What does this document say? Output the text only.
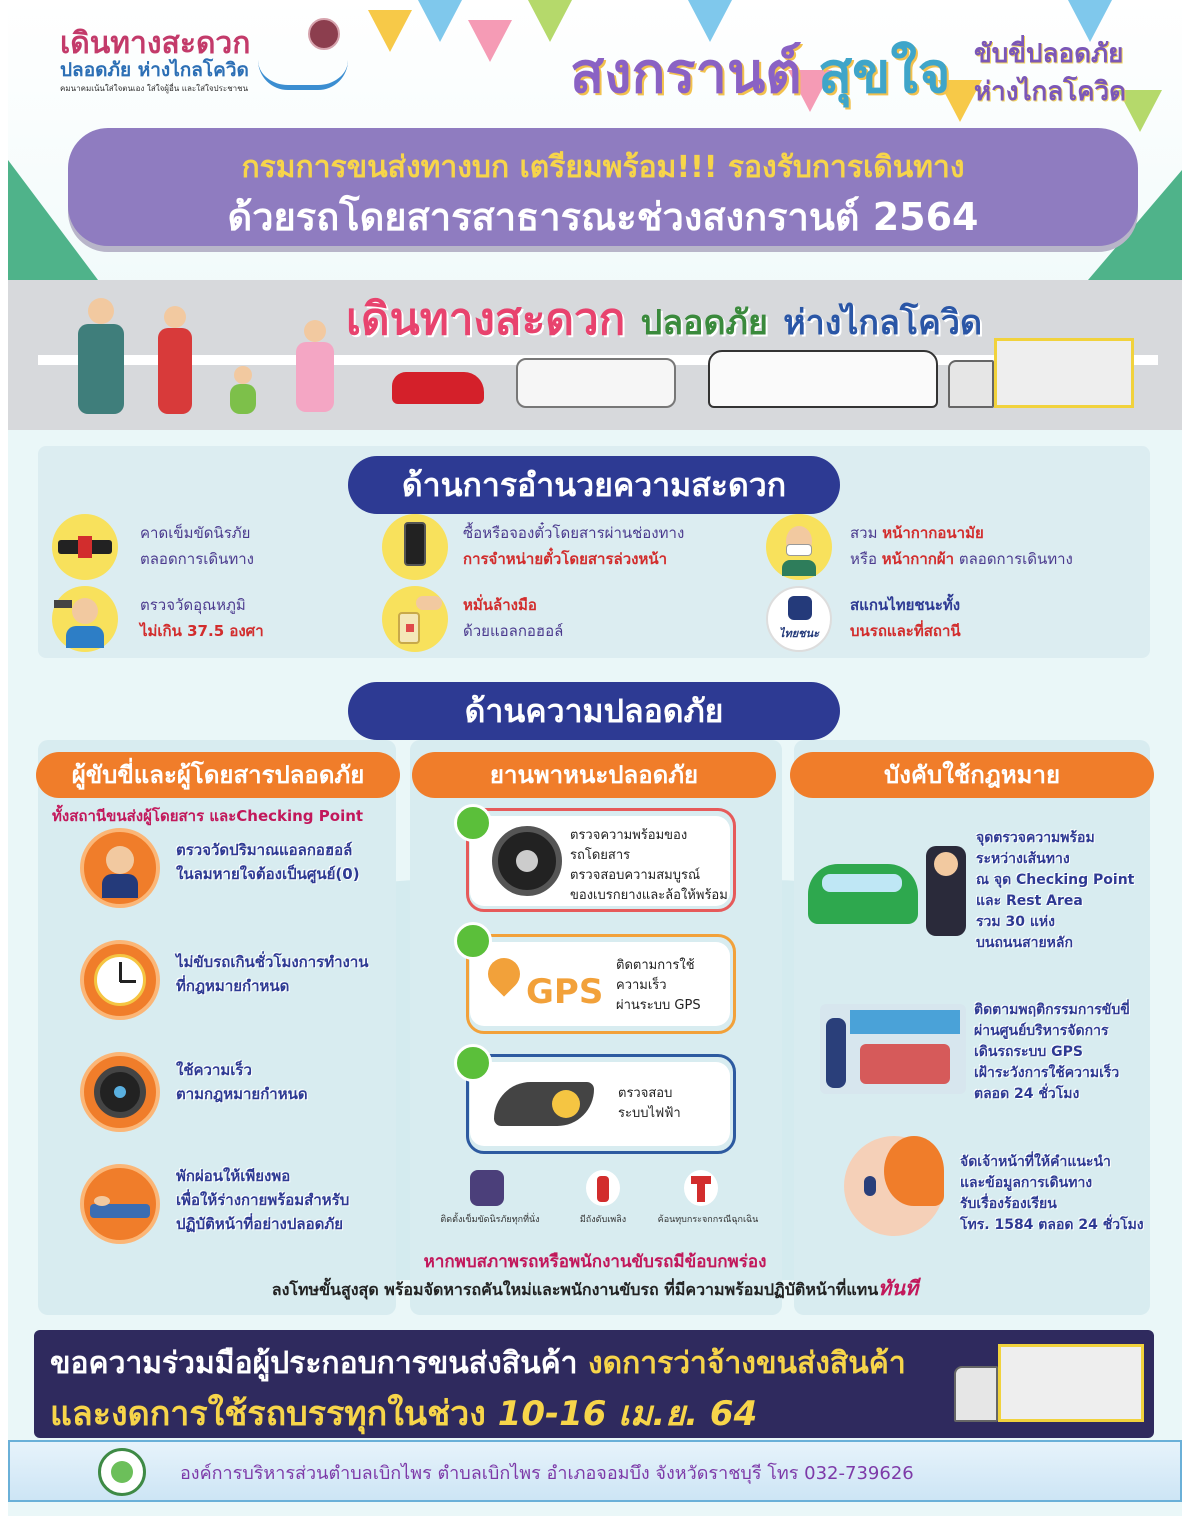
เดินทางสะดวก
ปลอดภัย ห่างไกลโควิด
คมนาคมเน้นใส่ใจตนเอง ใส่ใจผู้อื่น และใส่ใจประชาชน	สงกรานต์ สุขใจ ขับขี่ปลอดภัย
ห่างไกลโควิด
กรมการขนส่งทางบก เตรียมพร้อม!!! รองรับการเดินทาง
ด้วยรถโดยสารสาธารณะช่วงสงกรานต์ 2564
เดินทางสะดวก ปลอดภัย ห่างไกลโควิด
ด้านการอำนวยความสะดวก
คาดเข็มขัดนิรภัย
ตลอดการเดินทาง
ซื้อหรือจองตั๋วโดยสารผ่านช่องทาง
การจำหน่ายตั๋วโดยสารล่วงหน้า
สวม หน้ากากอนามัย
หรือ หน้ากากผ้า ตลอดการเดินทาง
ตรวจวัดอุณหภูมิ
ไม่เกิน 37.5 องศา
หมั่นล้างมือ
ด้วยแอลกอฮอล์	ไทยชนะ
สแกนไทยชนะทั้ง
บนรถและที่สถานี
ด้านความปลอดภัย
ผู้ขับขี่และผู้โดยสารปลอดภัย	ยานพาหนะปลอดภัย	บังคับใช้กฎหมาย
ทั้งสถานีขนส่งผู้โดยสาร และChecking Point
ตรวจวัดปริมาณแอลกอฮอล์
ในลมหายใจต้องเป็นศูนย์(0)
ไม่ขับรถเกินชั่วโมงการทำงาน
ที่กฎหมายกำหนด
ใช้ความเร็ว
ตามกฎหมายกำหนด
พักผ่อนให้เพียงพอ
เพื่อให้ร่างกายพร้อมสำหรับ
ปฏิบัติหน้าที่อย่างปลอดภัย
ตรวจความพร้อมของ
รถโดยสาร
ตรวจสอบความสมบูรณ์
ของเบรกยางและล้อให้พร้อม
GPS
ติดตามการใช้
ความเร็ว
ผ่านระบบ GPS
ตรวจสอบ
ระบบไฟฟ้า
ติดตั้งเข็มขัดนิรภัยทุกที่นั่ง	มีถังดับเพลิง	ค้อนทุบกระจกกรณีฉุกเฉิน
จุดตรวจความพร้อม
ระหว่างเส้นทาง
ณ จุด Checking Point
และ Rest Area
รวม 30 แห่ง
บนถนนสายหลัก
ติดตามพฤติกรรมการขับขี่
ผ่านศูนย์บริหารจัดการ
เดินรถระบบ GPS
เฝ้าระวังการใช้ความเร็ว
ตลอด 24 ชั่วโมง
จัดเจ้าหน้าที่ให้คำแนะนำ
และข้อมูลการเดินทาง
รับเรื่องร้องเรียน
โทร. 1584 ตลอด 24 ชั่วโมง
หากพบสภาพรถหรือพนักงานขับรถมีข้อบกพร่อง
ลงโทษขั้นสูงสุด พร้อมจัดหารถคันใหม่และพนักงานขับรถ ที่มีความพร้อมปฏิบัติหน้าที่แทนทันที
ขอความร่วมมือผู้ประกอบการขนส่งสินค้า งดการว่าจ้างขนส่งสินค้า
และงดการใช้รถบรรทุกในช่วง 10-16 เม.ย. 64
องค์การบริหารส่วนตำบลเบิกไพร ตำบลเบิกไพร อำเภอจอมบึง จังหวัดราชบุรี โทร 032-739626
